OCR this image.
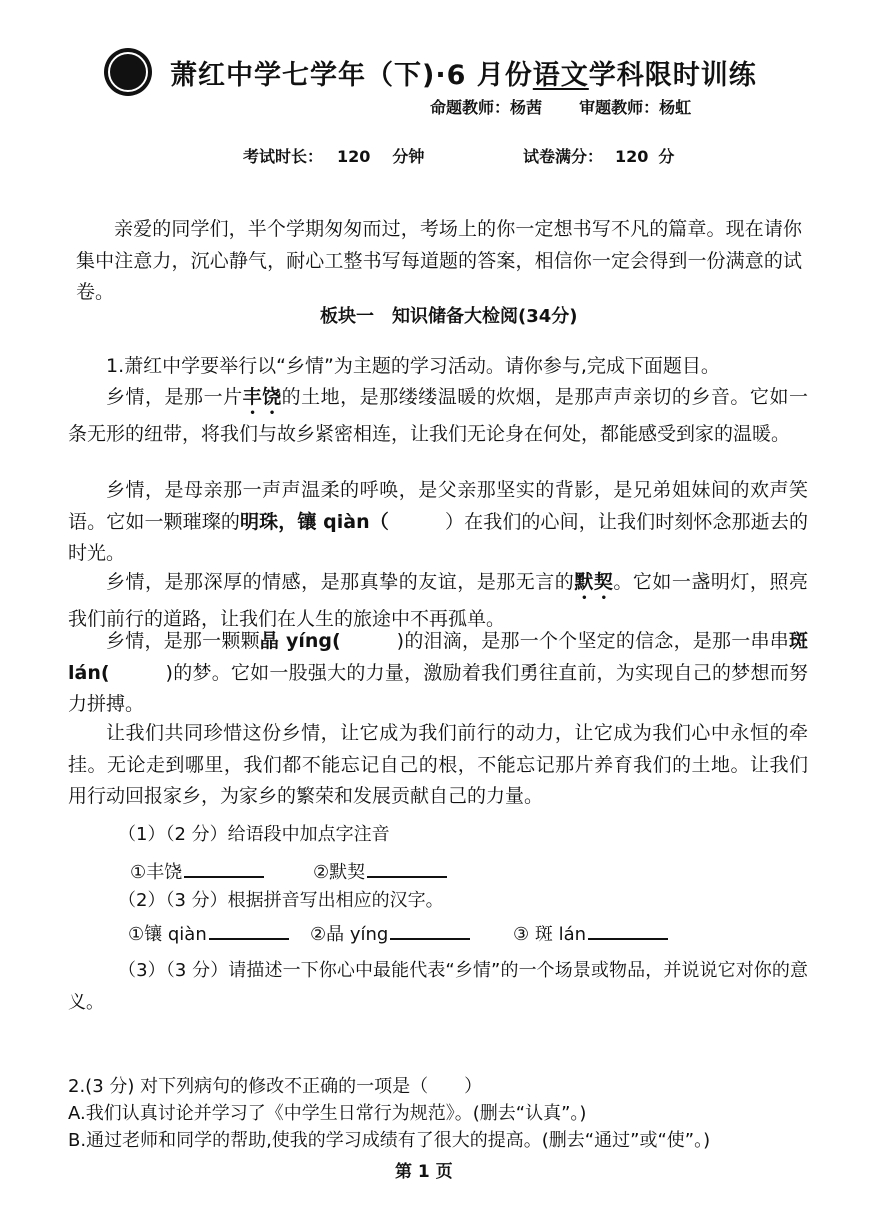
萧红中学七学年（下)·6 月份语文学科限时训练
命题教师：杨茜 审题教师：杨虹
考试时长： 120 分钟	试卷满分： 120 分
亲爱的同学们，半个学期匆匆而过，考场上的你一定想书写不凡的篇章。现在请你集中注意力，沉心静气，耐心工整书写每道题的答案，相信你一定会得到一份满意的试卷。
板块一　知识储备大检阅(34分)
1.萧红中学要举行以“乡情”为主题的学习活动。请你参与,完成下面题目。
乡情，是那一片丰饶的土地，是那缕缕温暖的炊烟，是那声声亲切的乡音。它如一条无形的纽带，将我们与故乡紧密相连，让我们无论身在何处，都能感受到家的温暖。
乡情，是母亲那一声声温柔的呼唤，是父亲那坚实的背影，是兄弟姐妹间的欢声笑语。它如一颗璀璨的明珠，镶 qiàn（	）在我们的心间，让我们时刻怀念那逝去的时光。
乡情，是那深厚的情感，是那真挚的友谊，是那无言的默契。它如一盏明灯，照亮我们前行的道路，让我们在人生的旅途中不再孤单。
乡情，是那一颗颗晶 yíng(	)的泪滴，是那一个个坚定的信念，是那一串串斑 lán(	)的梦。它如一股强大的力量，激励着我们勇往直前，为实现自己的梦想而努力拼搏。
让我们共同珍惜这份乡情，让它成为我们前行的动力，让它成为我们心中永恒的牵挂。无论走到哪里，我们都不能忘记自己的根，不能忘记那片养育我们的土地。让我们用行动回报家乡，为家乡的繁荣和发展贡献自己的力量。
（1）（2 分）给语段中加点字注音
①丰饶	②默契
（2）（3 分）根据拼音写出相应的汉字。
①镶 qiàn	②晶 yíng	③ 斑 lán
（3）（3 分）请描述一下你心中最能代表“乡情”的一个场景或物品，并说说它对你的意义。
2.(3 分) 对下列病句的修改不正确的一项是（　　）
A.我们认真讨论并学习了《中学生日常行为规范》。(删去“认真”。)
B.通过老师和同学的帮助,使我的学习成绩有了很大的提高。(删去“通过”或“使”。)
第 1 页
